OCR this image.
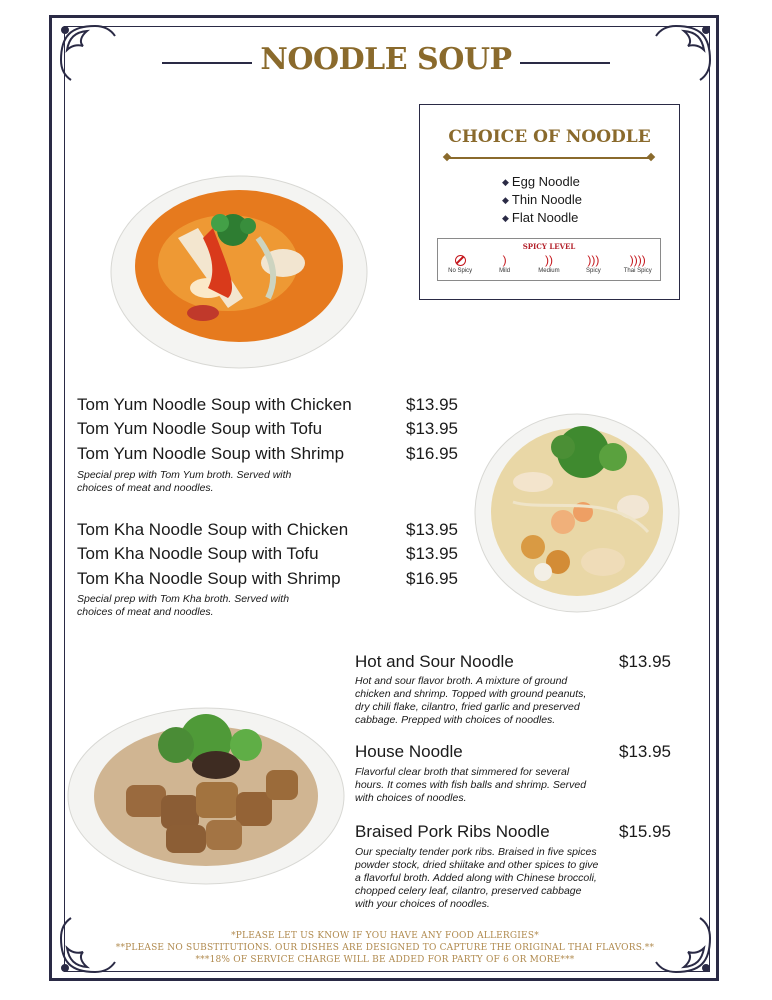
NOODLE SOUP
CHOICE OF NOODLE
◆ Egg Noodle
◆ Thin Noodle
◆ Flat Noodle
SPICY LEVEL
No Spicy
)
Mild
))
Medium
)))
Spicy
))))
Thai Spicy
Tom Yum Noodle Soup with Chicken	$13.95
Tom Yum Noodle Soup with Tofu	$13.95
Tom Yum Noodle Soup with Shrimp	$16.95
Special prep with Tom Yum broth. Served with
choices of meat and noodles.
Tom Kha Noodle Soup with Chicken	$13.95
Tom Kha Noodle Soup with Tofu	$13.95
Tom Kha Noodle Soup with Shrimp	$16.95
Special prep with Tom Kha broth. Served with
choices of meat and noodles.
Hot and Sour Noodle	$13.95
Hot and sour flavor broth. A mixture of ground
chicken and shrimp. Topped with ground peanuts,
dry chili flake, cilantro, fried garlic and preserved
cabbage. Prepped with choices of noodles.
House Noodle	$13.95
Flavorful clear broth that simmered for several
hours. It comes with fish balls and shrimp. Served
with choices of noodles.
Braised Pork Ribs Noodle	$15.95
Our specialty tender pork ribs. Braised in five spices
powder stock, dried shiitake and other spices to give
a flavorful broth. Added along with Chinese broccoli,
chopped celery leaf, cilantro, preserved cabbage
with your choices of noodles.
*PLEASE LET US KNOW IF YOU HAVE ANY FOOD ALLERGIES*
**PLEASE NO SUBSTITUTIONS. OUR DISHES ARE DESIGNED TO CAPTURE THE ORIGINAL THAI FLAVORS.**
***18% OF SERVICE CHARGE WILL BE ADDED FOR PARTY OF 6 OR MORE***
